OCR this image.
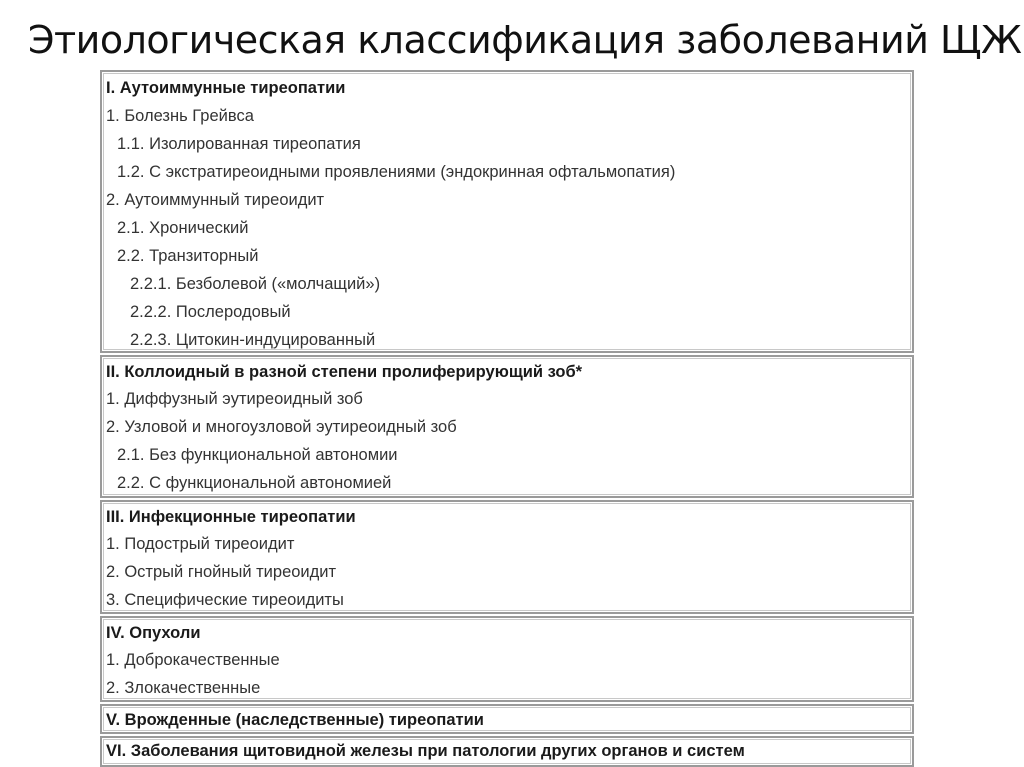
Этиологическая классификация заболеваний ЩЖ
I. Аутоиммунные тиреопатии
1. Болезнь Грейвса
1.1. Изолированная тиреопатия
1.2. С экстратиреоидными проявлениями (эндокринная офтальмопатия)
2. Аутоиммунный тиреоидит
2.1. Хронический
2.2. Транзиторный
2.2.1. Безболевой («молчащий»)
2.2.2. Послеродовый
2.2.3. Цитокин-индуцированный
II. Коллоидный в разной степени пролиферирующий зоб*
1. Диффузный эутиреоидный зоб
2. Узловой и многоузловой эутиреоидный зоб
2.1. Без функциональной автономии
2.2. С функциональной автономией
III. Инфекционные тиреопатии
1. Подострый тиреоидит
2. Острый гнойный тиреоидит
3. Специфические тиреоидиты
IV. Опухоли
1. Доброкачественные
2. Злокачественные
V. Врожденные (наследственные) тиреопатии
VI. Заболевания щитовидной железы при патологии других органов и систем
